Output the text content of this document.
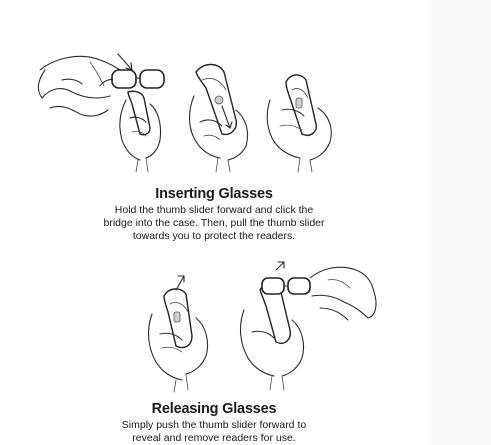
Inserting Glasses
Hold the thumb slider forward and click the
bridge into the case. Then, pull the thumb slider
towards you to protect the readers.
Releasing Glasses
Simply push the thumb slider forward to
reveal and remove readers for use.
